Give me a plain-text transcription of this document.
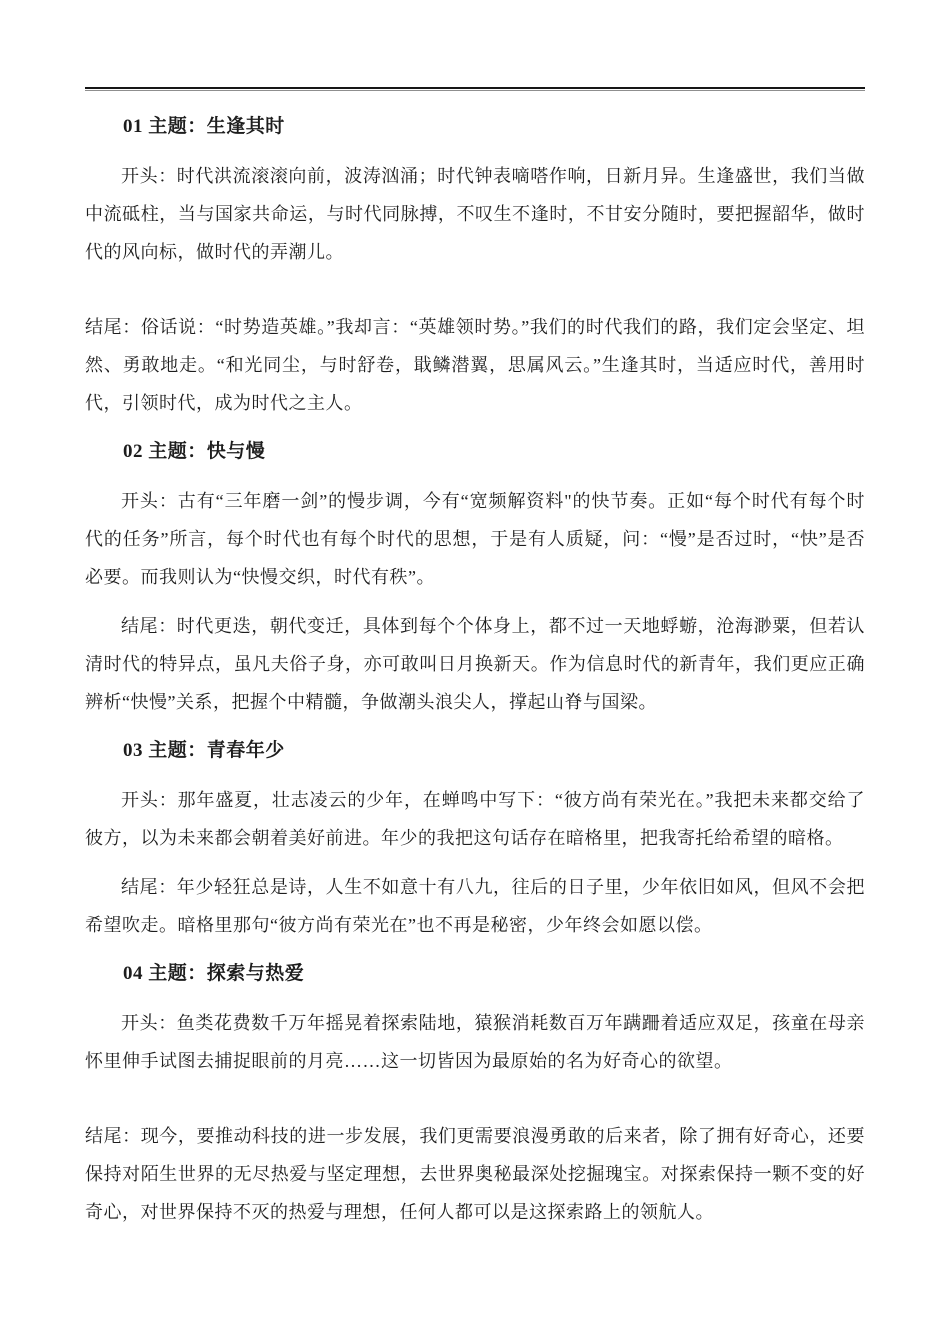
01 主题：生逢其时

开头：时代洪流滚滚向前，波涛汹涌；时代钟表嘀嗒作响，日新月异。生逢盛世，我们当做中流砥柱，当与国家共命运，与时代同脉搏，不叹生不逢时，不甘安分随时，要把握韶华，做时代的风向标，做时代的弄潮儿。

结尾：俗话说：“时势造英雄。”我却言：“英雄领时势。”我们的时代我们的路，我们定会坚定、坦然、勇敢地走。“和光同尘，与时舒卷，戢鳞潜翼，思属风云。”生逢其时，当适应时代，善用时代，引领时代，成为时代之主人。

02 主题：快与慢

开头：古有“三年磨一剑”的慢步调，今有“宽频解资料"的快节奏。正如“每个时代有每个时代的任务”所言，每个时代也有每个时代的思想，于是有人质疑，问：“慢”是否过时，“快”是否必要。而我则认为“快慢交织，时代有秩”。

结尾：时代更迭，朝代变迁，具体到每个个体身上，都不过一天地蜉蝣，沧海渺粟，但若认清时代的特异点，虽凡夫俗子身，亦可敢叫日月换新天。作为信息时代的新青年，我们更应正确辨析“快慢”关系，把握个中精髓，争做潮头浪尖人，撑起山脊与国梁。

03 主题：青春年少

开头：那年盛夏，壮志凌云的少年，在蝉鸣中写下：“彼方尚有荣光在。”我把未来都交给了彼方，以为未来都会朝着美好前进。年少的我把这句话存在暗格里，把我寄托给希望的暗格。

结尾：年少轻狂总是诗，人生不如意十有八九，往后的日子里，少年依旧如风，但风不会把希望吹走。暗格里那句“彼方尚有荣光在”也不再是秘密，少年终会如愿以偿。

04 主题：探索与热爱

开头：鱼类花费数千万年摇晃着探索陆地，猿猴消耗数百万年蹒跚着适应双足，孩童在母亲怀里伸手试图去捕捉眼前的月亮……这一切皆因为最原始的名为好奇心的欲望。

结尾：现今，要推动科技的进一步发展，我们更需要浪漫勇敢的后来者，除了拥有好奇心，还要保持对陌生世界的无尽热爱与坚定理想，去世界奥秘最深处挖掘瑰宝。对探索保持一颗不变的好奇心，对世界保持不灭的热爱与理想，任何人都可以是这探索路上的领航人。
